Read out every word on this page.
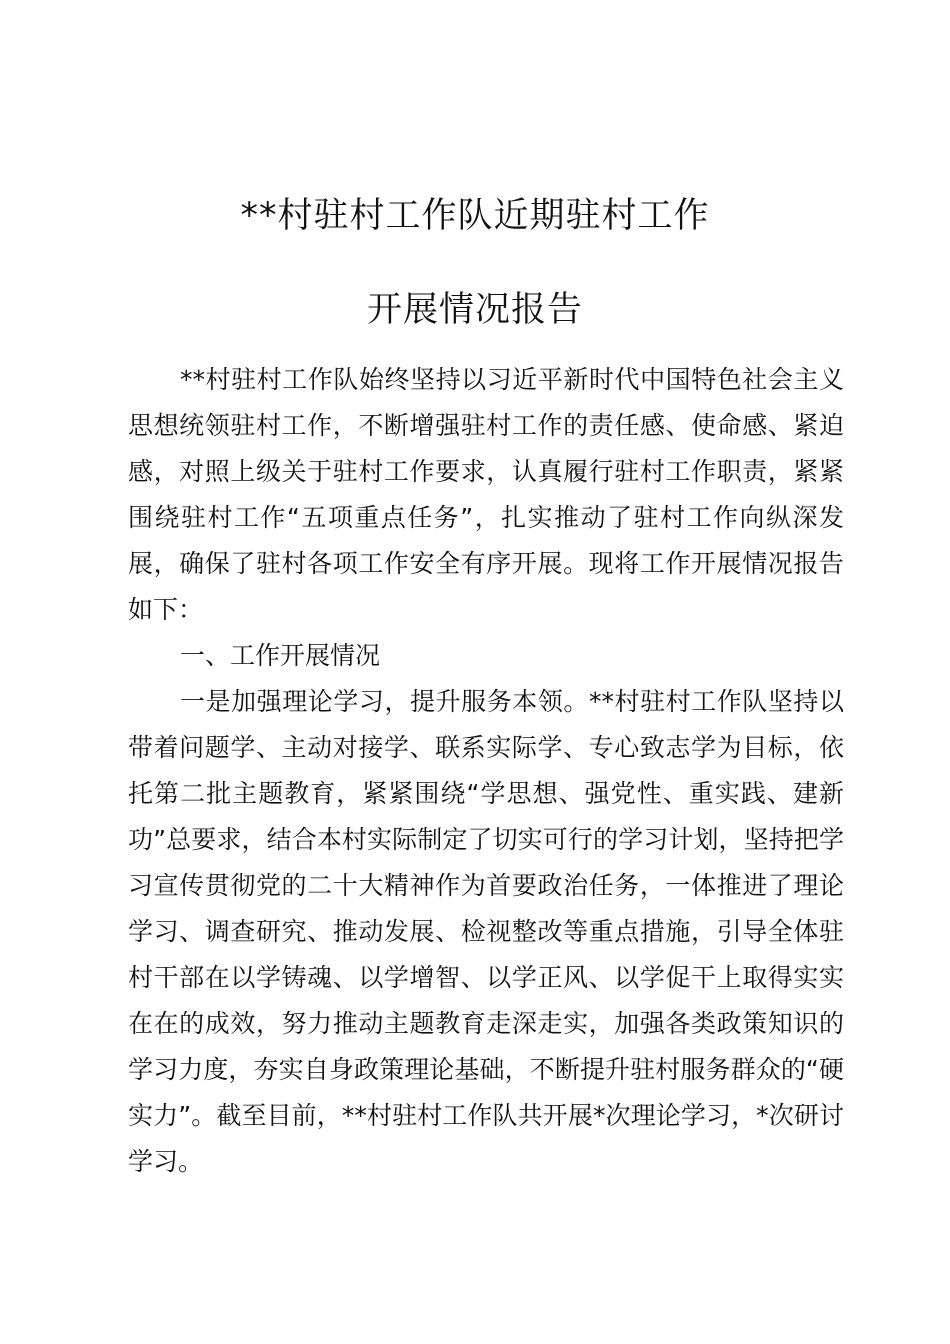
**村驻村工作队近期驻村工作
开展情况报告

**村驻村工作队始终坚持以习近平新时代中国特色社会主义思想统领驻村工作，不断增强驻村工作的责任感、使命感、紧迫感，对照上级关于驻村工作要求，认真履行驻村工作职责，紧紧围绕驻村工作“五项重点任务”，扎实推动了驻村工作向纵深发展，确保了驻村各项工作安全有序开展。现将工作开展情况报告如下：

一、工作开展情况

一是加强理论学习，提升服务本领。**村驻村工作队坚持以带着问题学、主动对接学、联系实际学、专心致志学为目标，依托第二批主题教育，紧紧围绕“学思想、强党性、重实践、建新功”总要求，结合本村实际制定了切实可行的学习计划，坚持把学习宣传贯彻党的二十大精神作为首要政治任务，一体推进了理论学习、调查研究、推动发展、检视整改等重点措施，引导全体驻村干部在以学铸魂、以学增智、以学正风、以学促干上取得实实在在的成效，努力推动主题教育走深走实，加强各类政策知识的学习力度，夯实自身政策理论基础，不断提升驻村服务群众的“硬实力”。截至目前，**村驻村工作队共开展*次理论学习，*次研讨学习。
